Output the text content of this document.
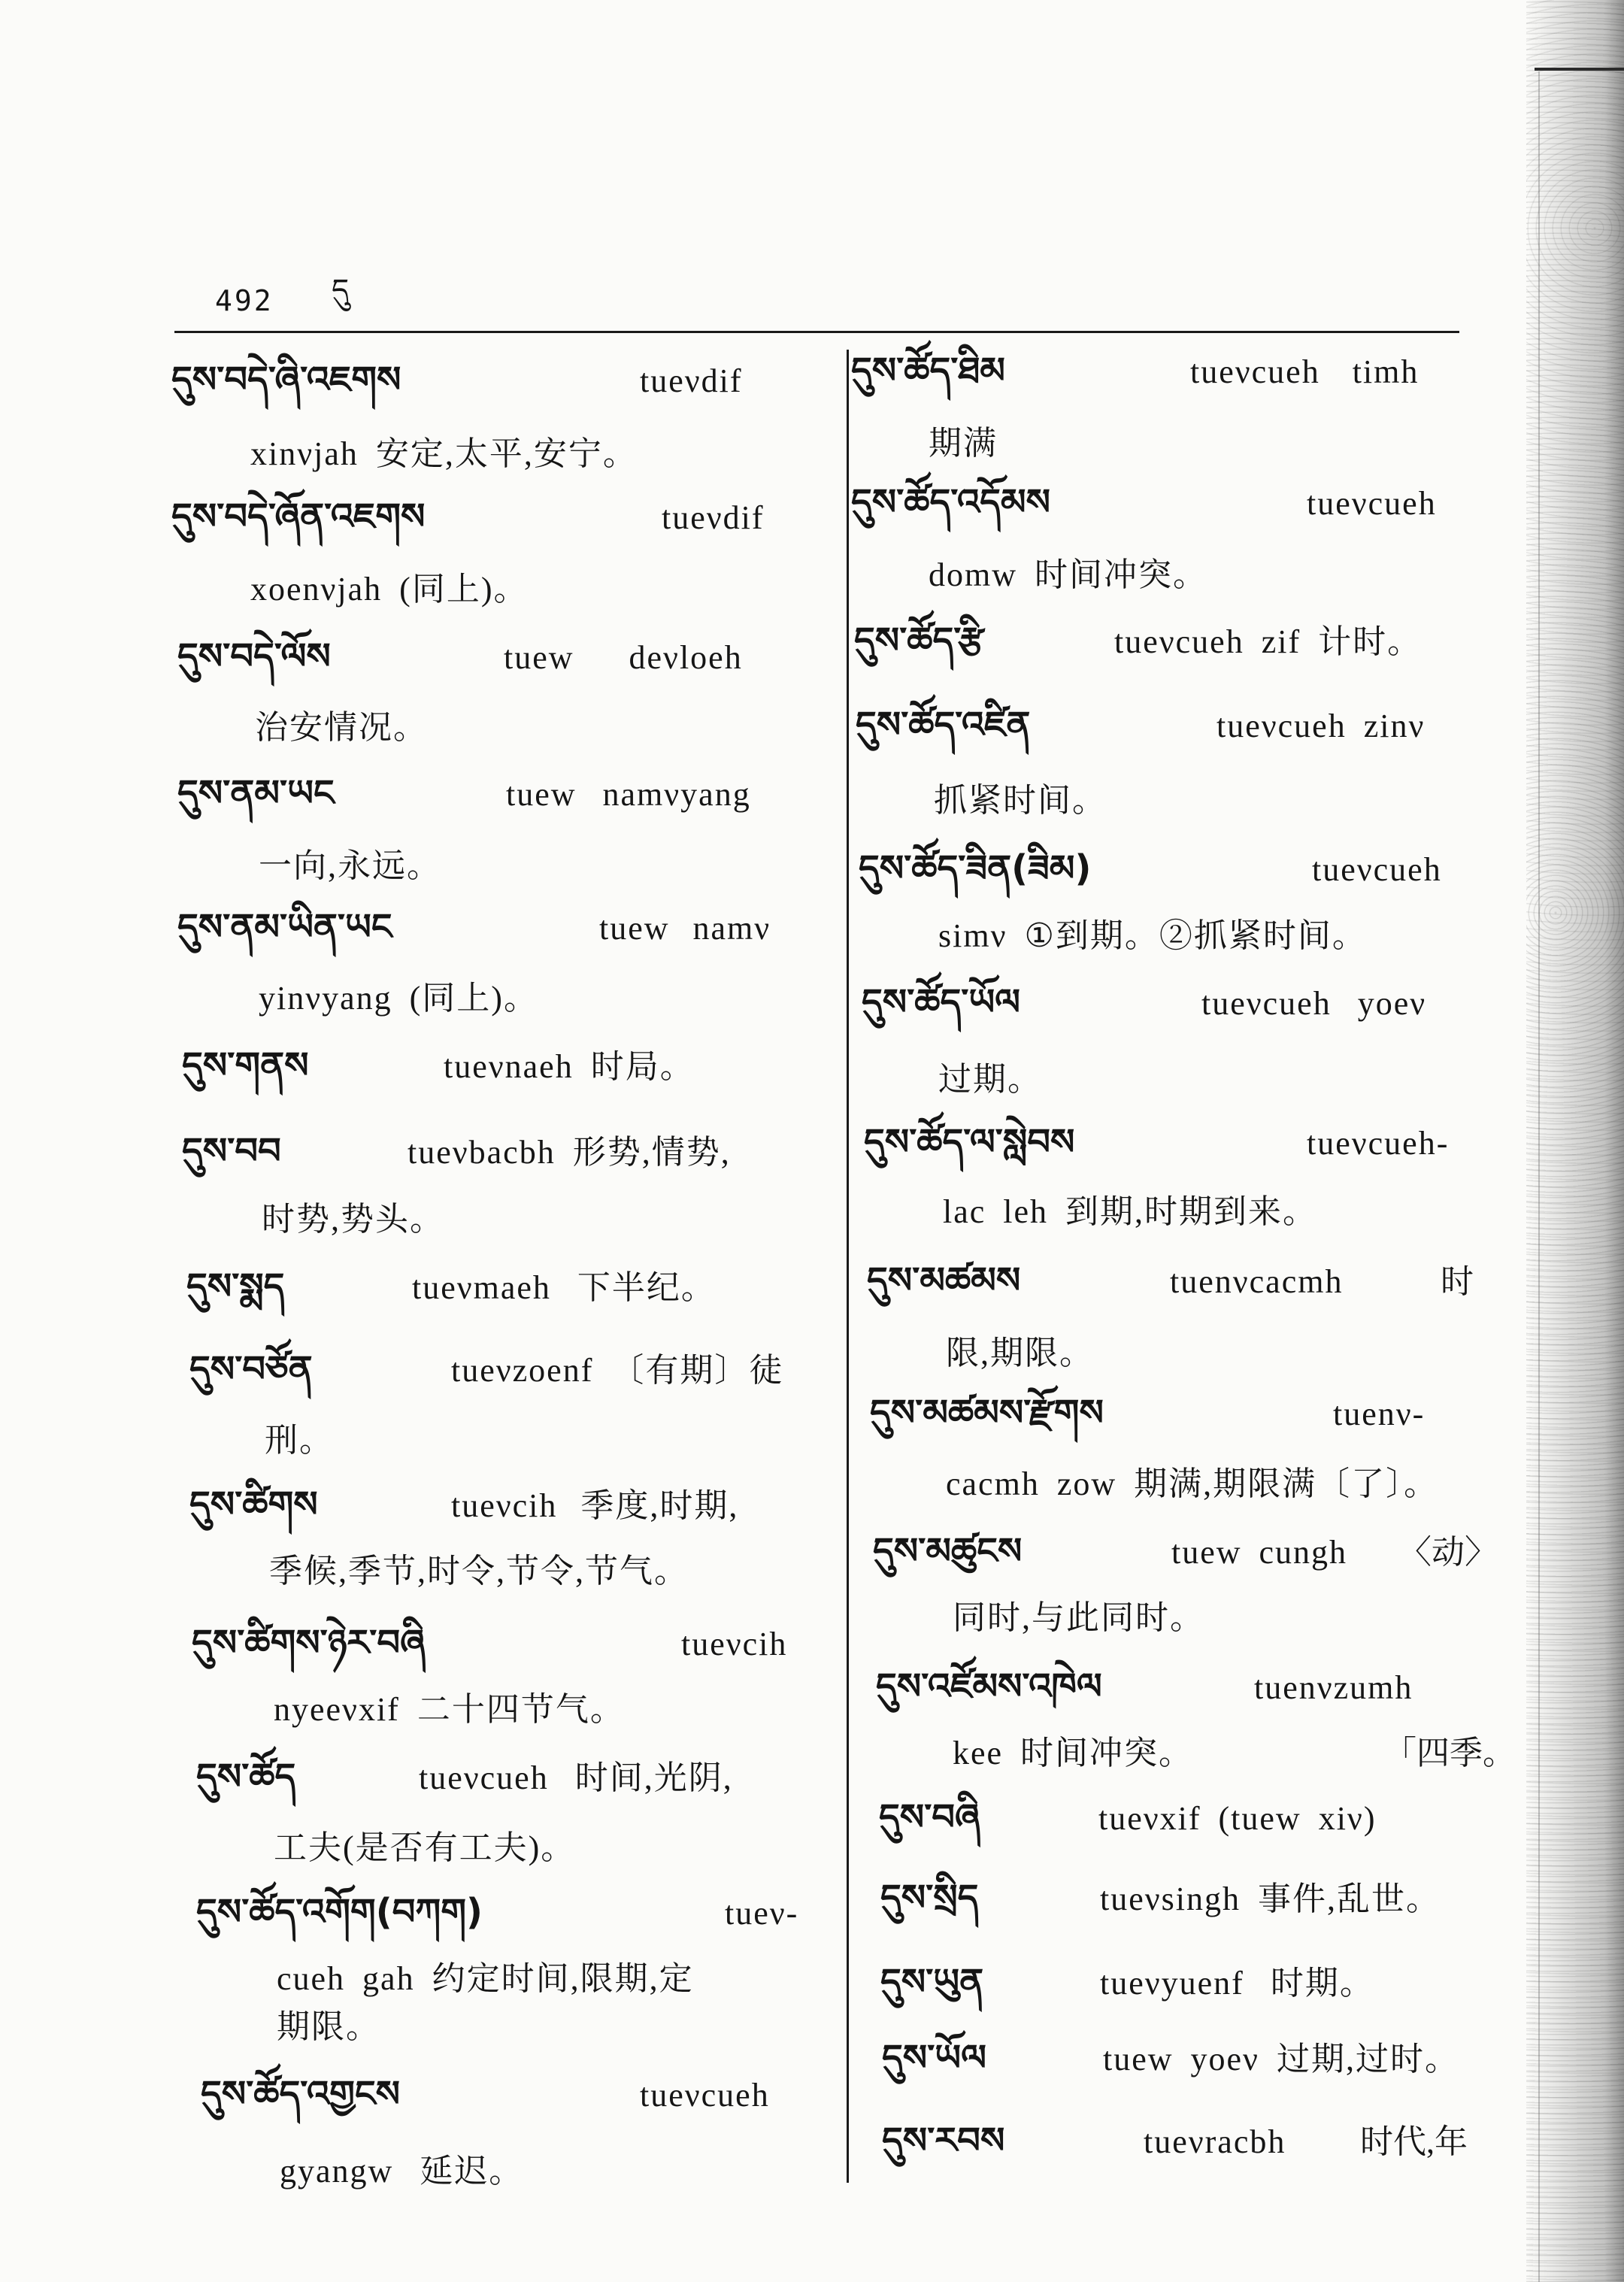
492 དུ
དུས་བདེ་ཞི་འཇགས	tueνdif
xinνjah 安定,太平,安宁。
དུས་བདེ་ཞོན་འཇགས	tueνdif
xoenνjah (同上)。
དུས་བདེ་ལོས	tuew deνloeh
治安情况。
དུས་ནམ་ཡང	tuew namνyang
一向,永远。
དུས་ནམ་ཡིན་ཡང	tuew namν
yinνyang (同上)。
དུས་གནས	tueνnaeh 时局。
དུས་བབ	tueνbacbh 形势,情势,
时势,势头。
དུས་སྨད	tueνmaeh 下半纪。
དུས་བཙོན	tueνzoenf 〔有期〕徒
刑。
དུས་ཚིགས	tueνcih 季度,时期,
季候,季节,时令,节令,节气。
དུས་ཚིགས་ཉེར་བཞི	tueνcih
nyeeνxif 二十四节气。
དུས་ཚོད	tueνcueh 时间,光阴,
工夫(是否有工夫)。
དུས་ཚོད་འགོག(བཀག)	tueν-
cueh gah 约定时间,限期,定
期限。
དུས་ཚོད་འགྱངས	tueνcueh
gyangw 延迟。
དུས་ཚོད་ཐིམ	tueνcueh timh
期满
དུས་ཚོད་འདོམས	tueνcueh
domw 时间冲突。
དུས་ཚོད་རྩི	tueνcueh zif 计时。
དུས་ཚོད་འཛིན	tueνcueh zinν
抓紧时间。
དུས་ཚོད་ཟིན(ཟིམ)	tueνcueh
simν ①到期。②抓紧时间。
དུས་ཚོད་ཡོལ	tueνcueh yoeν
过期。
དུས་ཚོད་ལ་སླེབས	tueνcueh-
lac leh 到期,时期到来。
དུས་མཚམས	tuenνcacmh	时
限,期限。
དུས་མཚམས་རྫོགས	tuenν-
cacmh zow 期满,期限满〔了〕。
དུས་མཚུངས	tuew cungh 〈动〉
同时,与此同时。
དུས་འཛོམས་འཁེལ	tuenνzumh
kee 时间冲突。	「四季。
དུས་བཞི	tueνxif (tuew xiν)
དུས་སྲིད	tueνsingh 事件,乱世。
དུས་ཡུན	tueνyuenf 时期。
དུས་ཡོལ	tuew yoeν 过期,过时。
དུས་རབས	tueνracbh 时代,年
